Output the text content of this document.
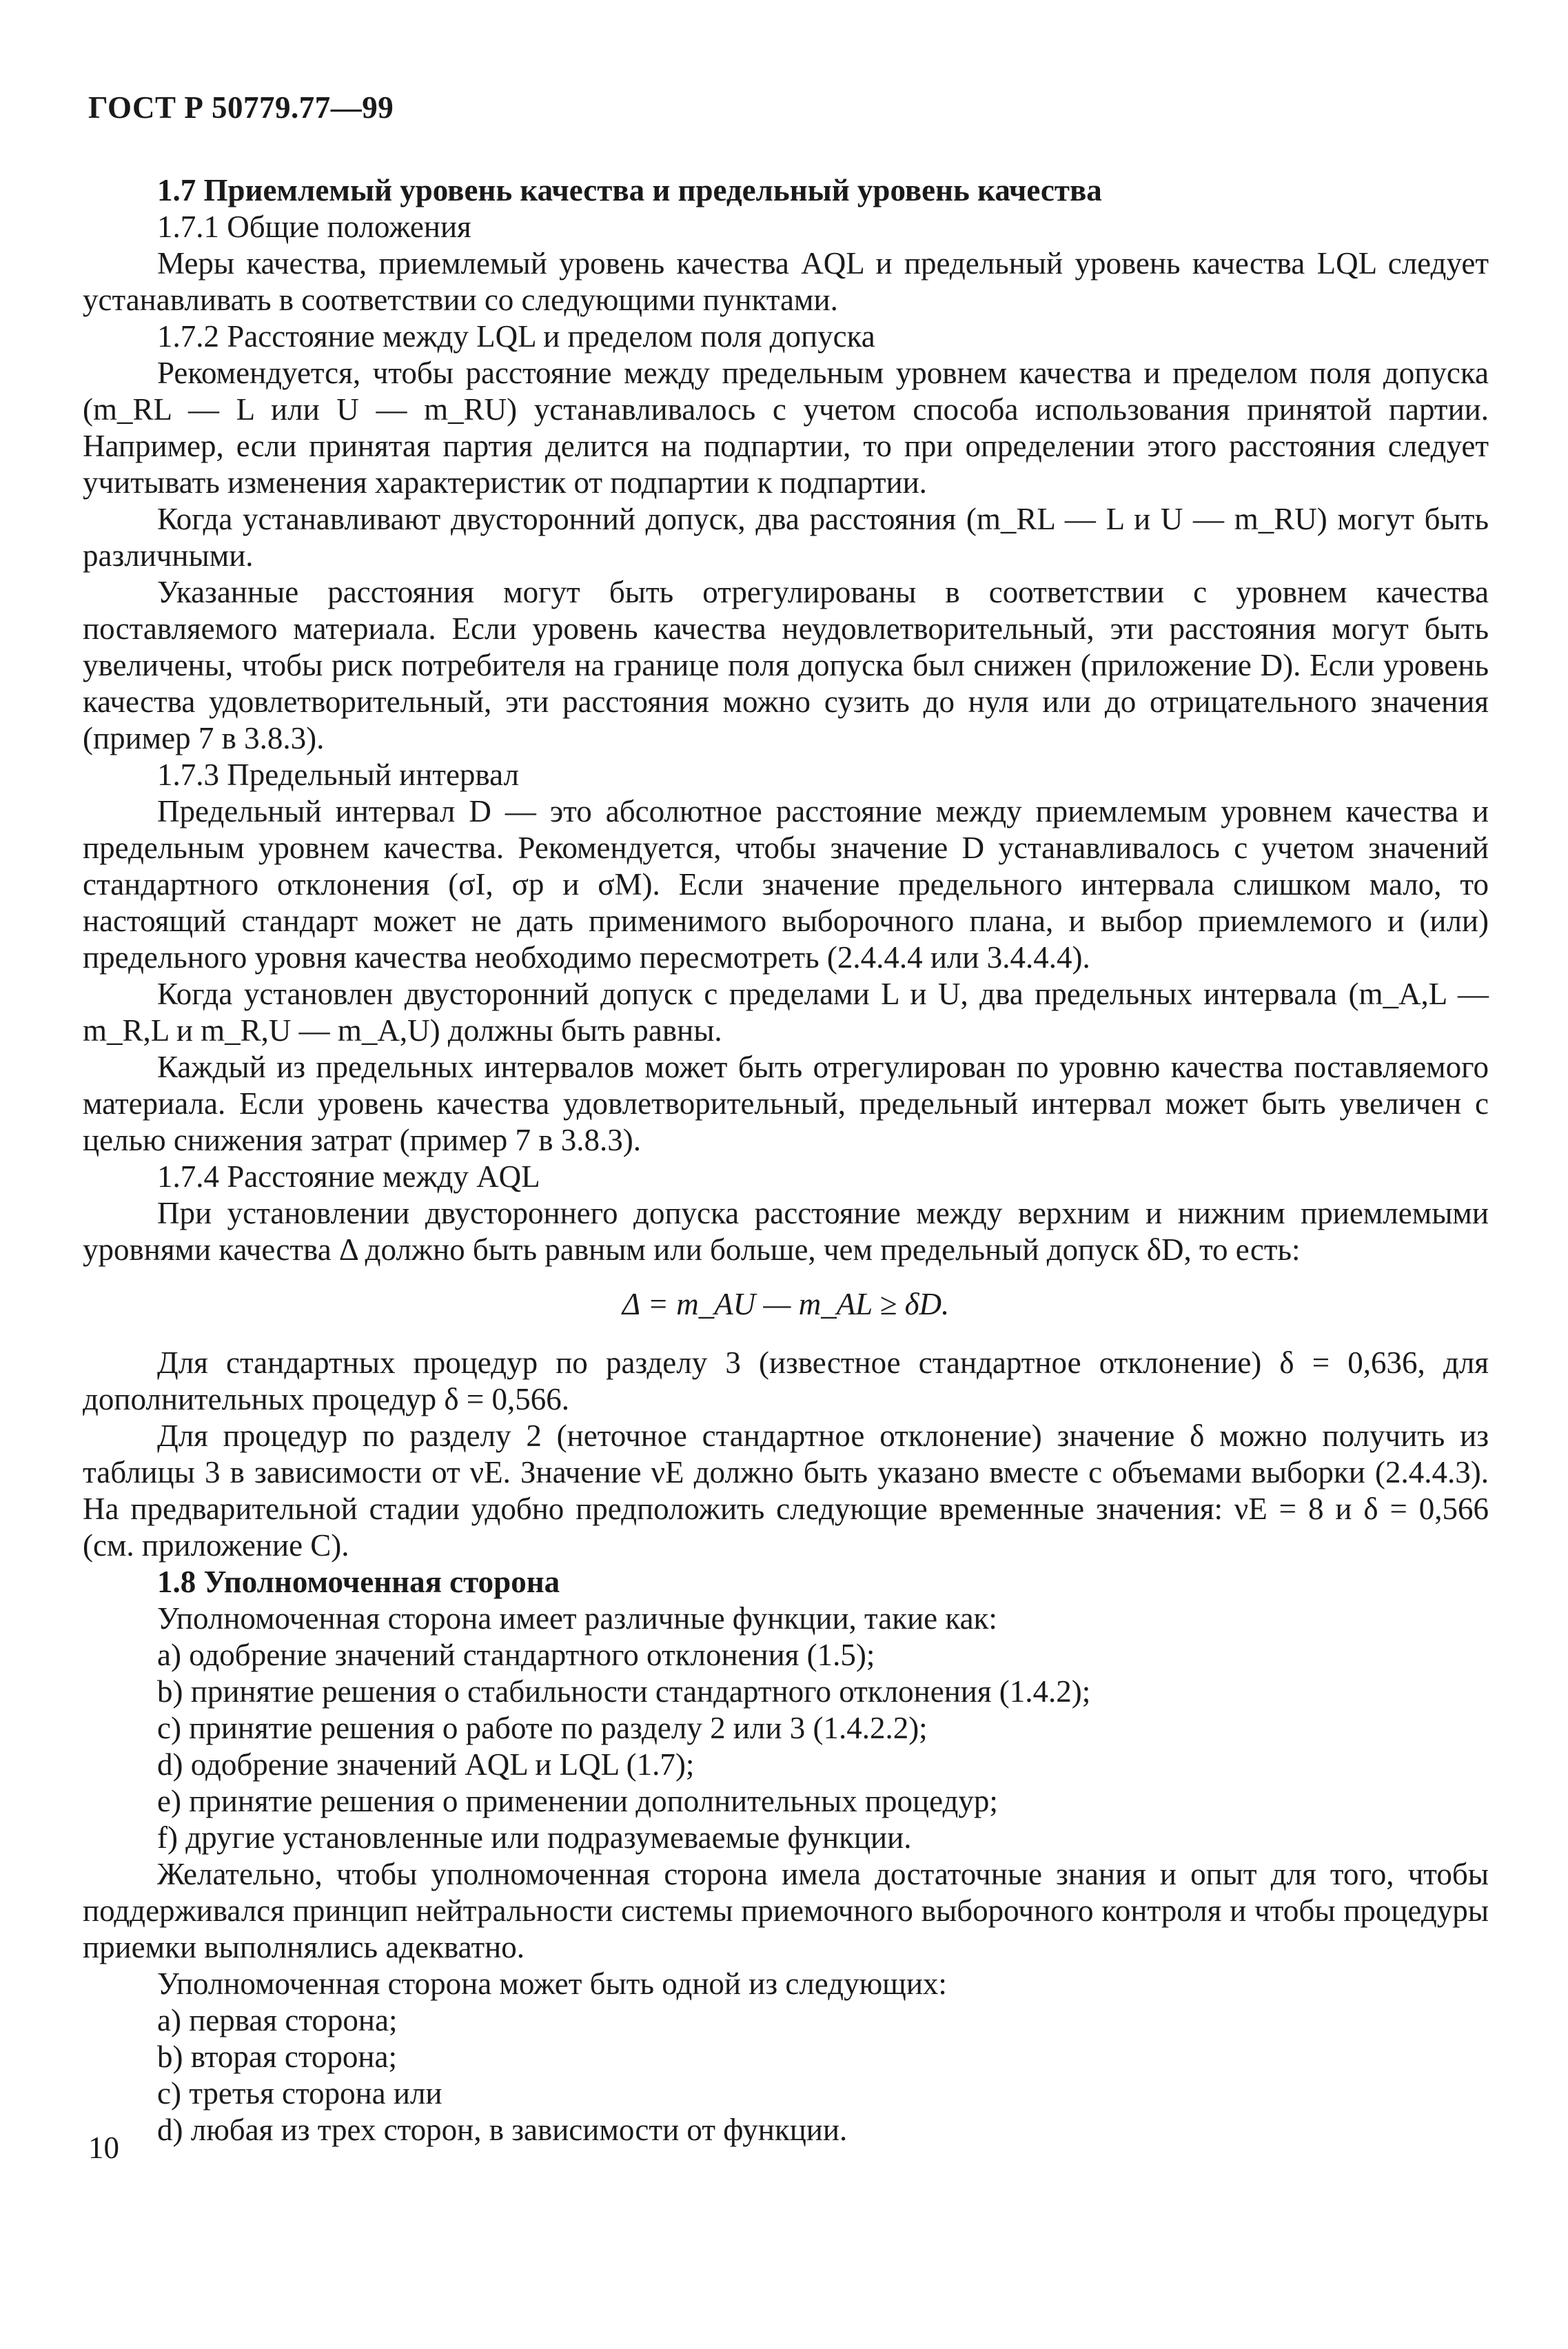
ГОСТ Р 50779.77—99

1.7 Приемлемый уровень качества и предельный уровень качества

1.7.1 Общие положения

Меры качества, приемлемый уровень качества AQL и предельный уровень качества LQL следует устанавливать в соответствии со следующими пунктами.

1.7.2 Расстояние между LQL и пределом поля допуска

Рекомендуется, чтобы расстояние между предельным уровнем качества и пределом поля допуска (m_RL — L или U — m_RU) устанавливалось с учетом способа использования принятой партии. Например, если принятая партия делится на подпартии, то при определении этого расстояния следует учитывать изменения характеристик от подпартии к подпартии.

Когда устанавливают двусторонний допуск, два расстояния (m_RL — L и U — m_RU) могут быть различными.

Указанные расстояния могут быть отрегулированы в соответствии с уровнем качества поставляемого материала. Если уровень качества неудовлетворительный, эти расстояния могут быть увеличены, чтобы риск потребителя на границе поля допуска был снижен (приложение D). Если уровень качества удовлетворительный, эти расстояния можно сузить до нуля или до отрицательного значения (пример 7 в 3.8.3).

1.7.3 Предельный интервал

Предельный интервал D — это абсолютное расстояние между приемлемым уровнем качества и предельным уровнем качества. Рекомендуется, чтобы значение D устанавливалось с учетом значений стандартного отклонения (σI, σp и σM). Если значение предельного интервала слишком мало, то настоящий стандарт может не дать применимого выборочного плана, и выбор приемлемого и (или) предельного уровня качества необходимо пересмотреть (2.4.4.4 или 3.4.4.4).

Когда установлен двусторонний допуск с пределами L и U, два предельных интервала (m_A,L — m_R,L и m_R,U — m_A,U) должны быть равны.

Каждый из предельных интервалов может быть отрегулирован по уровню качества поставляемого материала. Если уровень качества удовлетворительный, предельный интервал может быть увеличен с целью снижения затрат (пример 7 в 3.8.3).

1.7.4 Расстояние между AQL

При установлении двустороннего допуска расстояние между верхним и нижним приемлемыми уровнями качества Δ должно быть равным или больше, чем предельный допуск δD, то есть:

Δ = m_AU — m_AL ≥ δD.

Для стандартных процедур по разделу 3 (известное стандартное отклонение) δ = 0,636, для дополнительных процедур δ = 0,566.

Для процедур по разделу 2 (неточное стандартное отклонение) значение δ можно получить из таблицы 3 в зависимости от νE. Значение νE должно быть указано вместе с объемами выборки (2.4.4.3). На предварительной стадии удобно предположить следующие временные значения: νE = 8 и δ = 0,566 (см. приложение C).

1.8 Уполномоченная сторона

Уполномоченная сторона имеет различные функции, такие как:

a) одобрение значений стандартного отклонения (1.5);

b) принятие решения о стабильности стандартного отклонения (1.4.2);

c) принятие решения о работе по разделу 2 или 3 (1.4.2.2);

d) одобрение значений AQL и LQL (1.7);

e) принятие решения о применении дополнительных процедур;

f) другие установленные или подразумеваемые функции.

Желательно, чтобы уполномоченная сторона имела достаточные знания и опыт для того, чтобы поддерживался принцип нейтральности системы приемочного выборочного контроля и чтобы процедуры приемки выполнялись адекватно.

Уполномоченная сторона может быть одной из следующих:

a) первая сторона;

b) вторая сторона;

c) третья сторона или

d) любая из трех сторон, в зависимости от функции.

10
